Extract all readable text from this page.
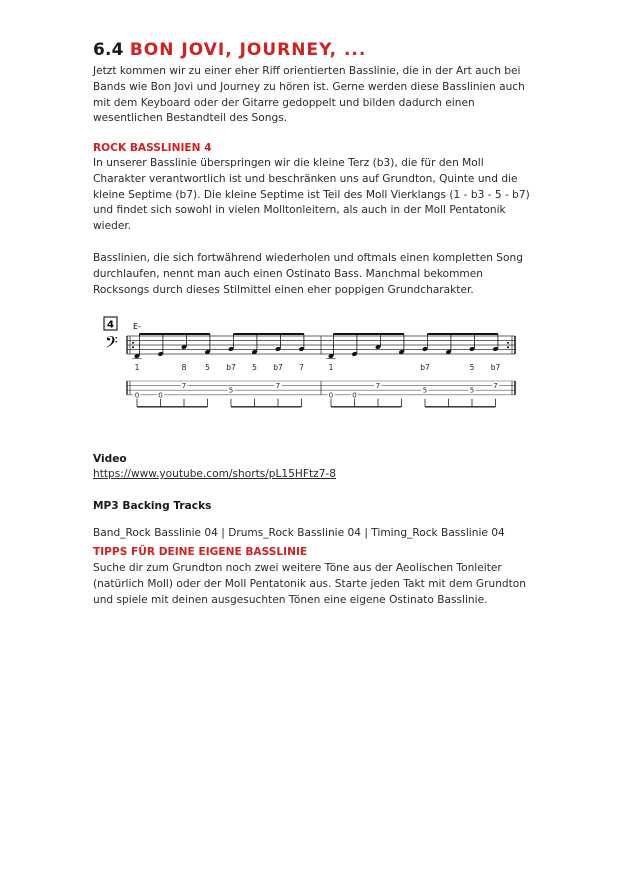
6.4 BON JOVI, JOURNEY, ...

Jetzt kommen wir zu einer eher Riff orientierten Basslinie, die in der Art auch bei Bands wie Bon Jovi und Journey zu hören ist. Gerne werden diese Basslinien auch mit dem Keyboard oder der Gitarre gedoppelt und bilden dadurch einen wesentlichen Bestandteil des Songs.

ROCK BASSLINIEN 4

In unserer Basslinie überspringen wir die kleine Terz (b3), die für den Moll Charakter verantwortlich ist und beschränken uns auf Grundton, Quinte und die kleine Septime (b7). Die kleine Septime ist Teil des Moll Vierklangs (1 - b3 - 5 - b7) und findet sich sowohl in vielen Molltonleitern, als auch in der Moll Pentatonik wieder.

Basslinien, die sich fortwährend wiederholen und oftmals einen kompletten Song durchlaufen, nennt man auch einen Ostinato Bass. Manchmal bekommen Rocksongs durch dieses Stilmittel einen eher poppigen Grundcharakter.

4 E-
𝄢
1	8 5 b7 5 b7 7	1	b7	5 b7
0	0
7
5
7
0	0
7
5	5
7

Video

https://www.youtube.com/shorts/pL15HFtz7-8

MP3 Backing Tracks

Band_Rock Basslinie 04 | Drums_Rock Basslinie 04 | Timing_Rock Basslinie 04

TIPPS FÜR DEINE EIGENE BASSLINIE

Suche dir zum Grundton noch zwei weitere Töne aus der Aeolischen Tonleiter (natürlich Moll) oder der Moll Pentatonik aus. Starte jeden Takt mit dem Grundton und spiele mit deinen ausgesuchten Tönen eine eigene Ostinato Basslinie.
